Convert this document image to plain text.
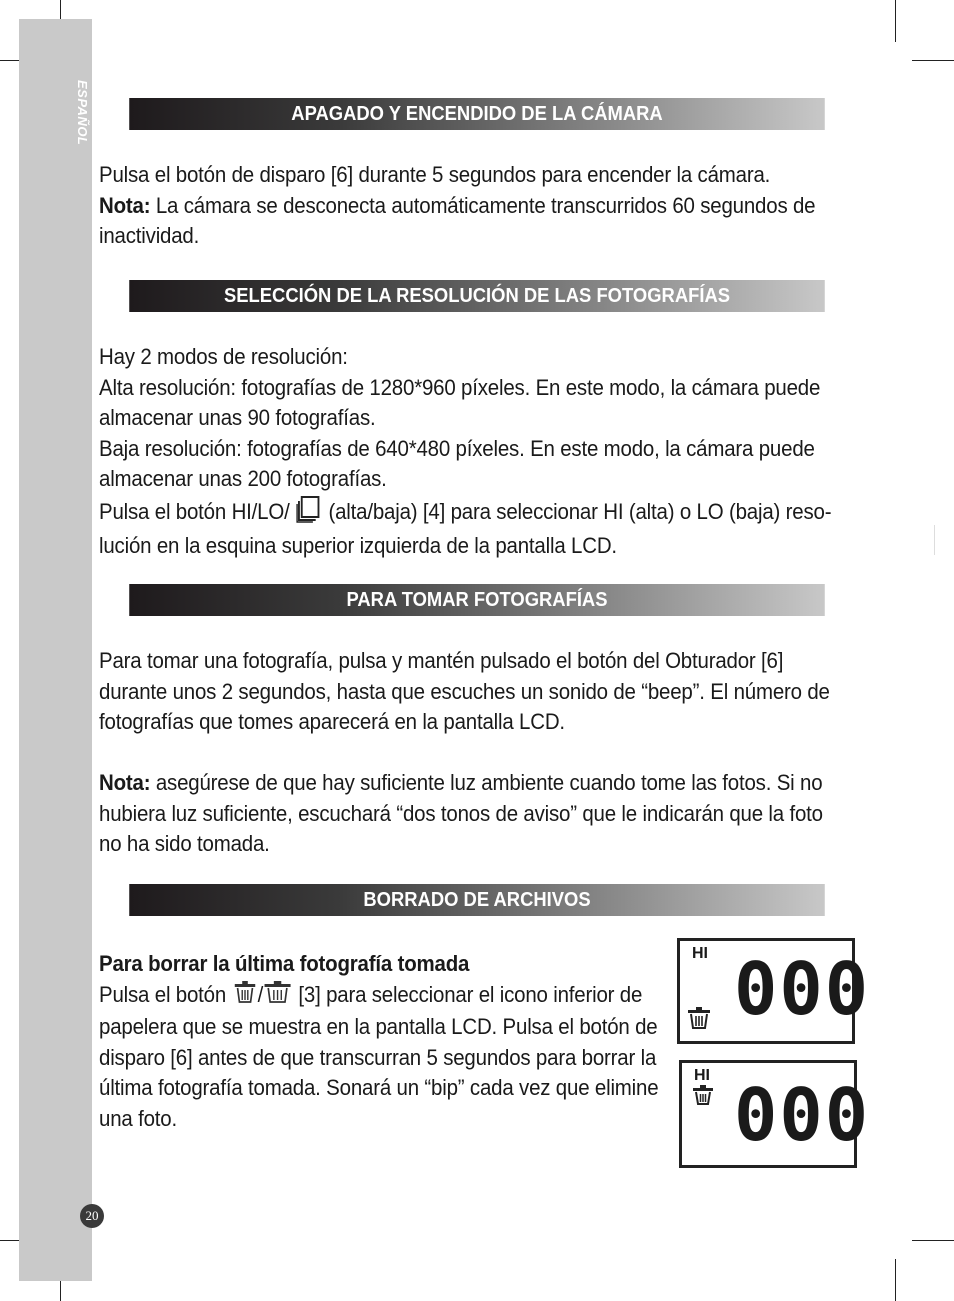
ESPAÑOL
20
APAGADO Y ENCENDIDO DE LA CÁMARA
Pulsa el botón de disparo [6] durante 5 segundos para encender la cámara.
Nota: La cámara se desconecta automáticamente transcurridos 60 segundos de
inactividad.
SELECCIÓN DE LA RESOLUCIÓN DE LAS FOTOGRAFÍAS
Hay 2 modos de resolución:
Alta resolución: fotografías de 1280*960 píxeles. En este modo, la cámara puede
almacenar unas 90 fotografías.
Baja resolución: fotografías de 640*480 píxeles. En este modo, la cámara puede
almacenar unas 200 fotografías.
Pulsa el botón HI/LO/  (alta/baja) [4] para seleccionar HI (alta) o LO (baja) reso-
lución en la esquina superior izquierda de la pantalla LCD.
PARA TOMAR FOTOGRAFÍAS
Para tomar una fotografía, pulsa y mantén pulsado el botón del Obturador [6]
durante unos 2 segundos, hasta que escuches un sonido de “beep”. El número de
fotografías que tomes aparecerá en la pantalla LCD.
Nota: asegúrese de que hay suficiente luz ambiente cuando tome las fotos. Si no
hubiera luz suficiente, escuchará “dos tonos de aviso” que le indicarán que la foto
no ha sido tomada.
BORRADO DE ARCHIVOS
Para borrar la última fotografía tomada
Pulsa el botón / [3] para seleccionar el icono inferior de
papelera que se muestra en la pantalla LCD. Pulsa el botón de
disparo [6] antes de que transcurran 5 segundos para borrar la
última fotografía tomada. Sonará un “bip” cada vez que elimine
una foto.
HI 000
HI 000
